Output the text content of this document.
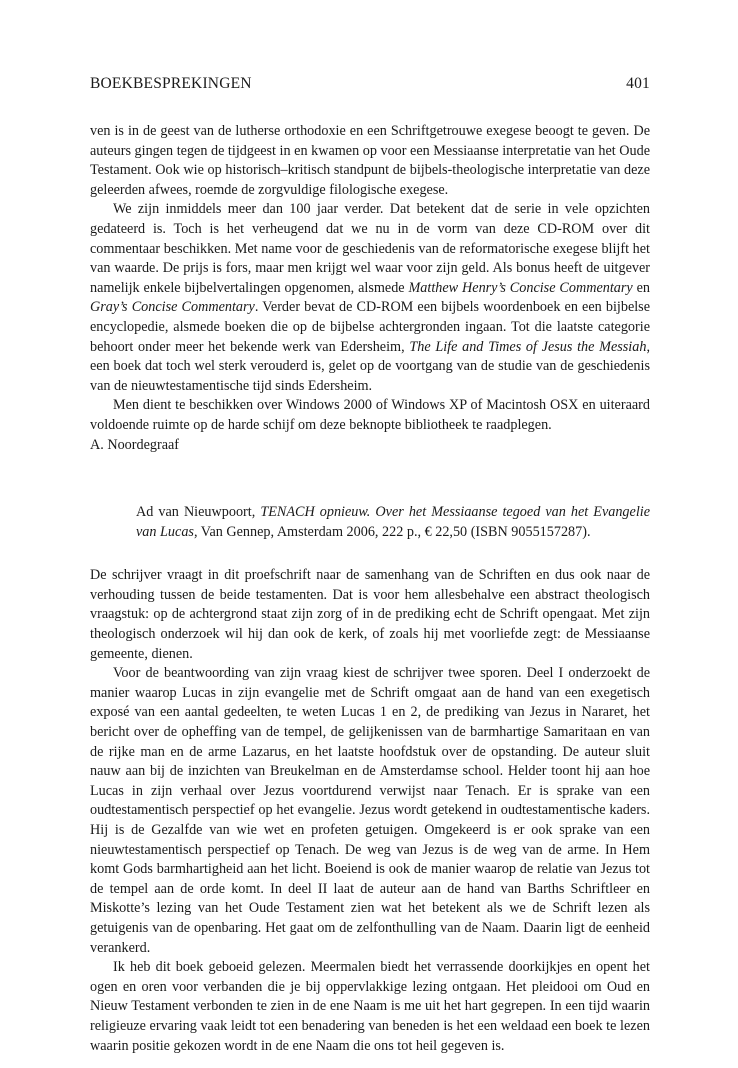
BOEKBESPREKINGEN	401

ven is in de geest van de lutherse orthodoxie en een Schriftgetrouwe exegese beoogt te geven. De auteurs gingen tegen de tijdgeest in en kwamen op voor een Messiaanse interpretatie van het Oude Testament. Ook wie op historisch–kritisch standpunt de bijbels-theologische interpretatie van deze geleerden afwees, roemde de zorgvuldige filologische exegese.

We zijn inmiddels meer dan 100 jaar verder. Dat betekent dat de serie in vele opzichten gedateerd is. Toch is het verheugend dat we nu in de vorm van deze CD-ROM over dit commentaar beschikken. Met name voor de geschiedenis van de reformatorische exegese blijft het van waarde. De prijs is fors, maar men krijgt wel waar voor zijn geld. Als bonus heeft de uitgever namelijk enkele bijbelvertalingen opgenomen, alsmede Matthew Henry’s Concise Commentary en Gray’s Concise Commentary. Verder bevat de CD-ROM een bijbels woordenboek en een bijbelse encyclopedie, alsmede boeken die op de bijbelse achtergronden ingaan. Tot die laatste categorie behoort onder meer het bekende werk van Edersheim, The Life and Times of Jesus the Messiah, een boek dat toch wel sterk verouderd is, gelet op de voortgang van de studie van de geschiedenis van de nieuwtestamentische tijd sinds Edersheim.

Men dient te beschikken over Windows 2000 of Windows XP of Macintosh OSX en uiteraard voldoende ruimte op de harde schijf om deze beknopte bibliotheek te raadplegen.

A. Noordegraaf

Ad van Nieuwpoort, TENACH opnieuw. Over het Messiaanse tegoed van het Evangelie van Lucas, Van Gennep, Amsterdam 2006, 222 p., € 22,50 (ISBN 9055157287).

De schrijver vraagt in dit proefschrift naar de samenhang van de Schriften en dus ook naar de verhouding tussen de beide testamenten. Dat is voor hem allesbehalve een abstract theologisch vraagstuk: op de achtergrond staat zijn zorg of in de prediking echt de Schrift opengaat. Met zijn theologisch onderzoek wil hij dan ook de kerk, of zoals hij met voorliefde zegt: de Messiaanse gemeente, dienen.

Voor de beantwoording van zijn vraag kiest de schrijver twee sporen. Deel I onderzoekt de manier waarop Lucas in zijn evangelie met de Schrift omgaat aan de hand van een exegetisch exposé van een aantal gedeelten, te weten Lucas 1 en 2, de prediking van Jezus in Nararet, het bericht over de opheffing van de tempel, de gelijkenissen van de barmhartige Samaritaan en van de rijke man en de arme Lazarus, en het laatste hoofdstuk over de opstanding. De auteur sluit nauw aan bij de inzichten van Breukelman en de Amsterdamse school. Helder toont hij aan hoe Lucas in zijn verhaal over Jezus voortdurend verwijst naar Tenach. Er is sprake van een oudtestamentisch perspectief op het evangelie. Jezus wordt getekend in oudtestamentische kaders. Hij is de Gezalfde van wie wet en profeten getuigen. Omgekeerd is er ook sprake van een nieuwtestamentisch perspectief op Tenach. De weg van Jezus is de weg van de arme. In Hem komt Gods barmhartigheid aan het licht. Boeiend is ook de manier waarop de relatie van Jezus tot de tempel aan de orde komt. In deel II laat de auteur aan de hand van Barths Schriftleer en Miskotte’s lezing van het Oude Testament zien wat het betekent als we de Schrift lezen als getuigenis van de openbaring. Het gaat om de zelfonthulling van de Naam. Daarin ligt de eenheid verankerd.

Ik heb dit boek geboeid gelezen. Meermalen biedt het verrassende doorkijkjes en opent het ogen en oren voor verbanden die je bij oppervlakkige lezing ontgaan. Het pleidooi om Oud en Nieuw Testament verbonden te zien in de ene Naam is me uit het hart gegrepen. In een tijd waarin religieuze ervaring vaak leidt tot een benadering van beneden is het een weldaad een boek te lezen waarin positie gekozen wordt in de ene Naam die ons tot heil gegeven is.
